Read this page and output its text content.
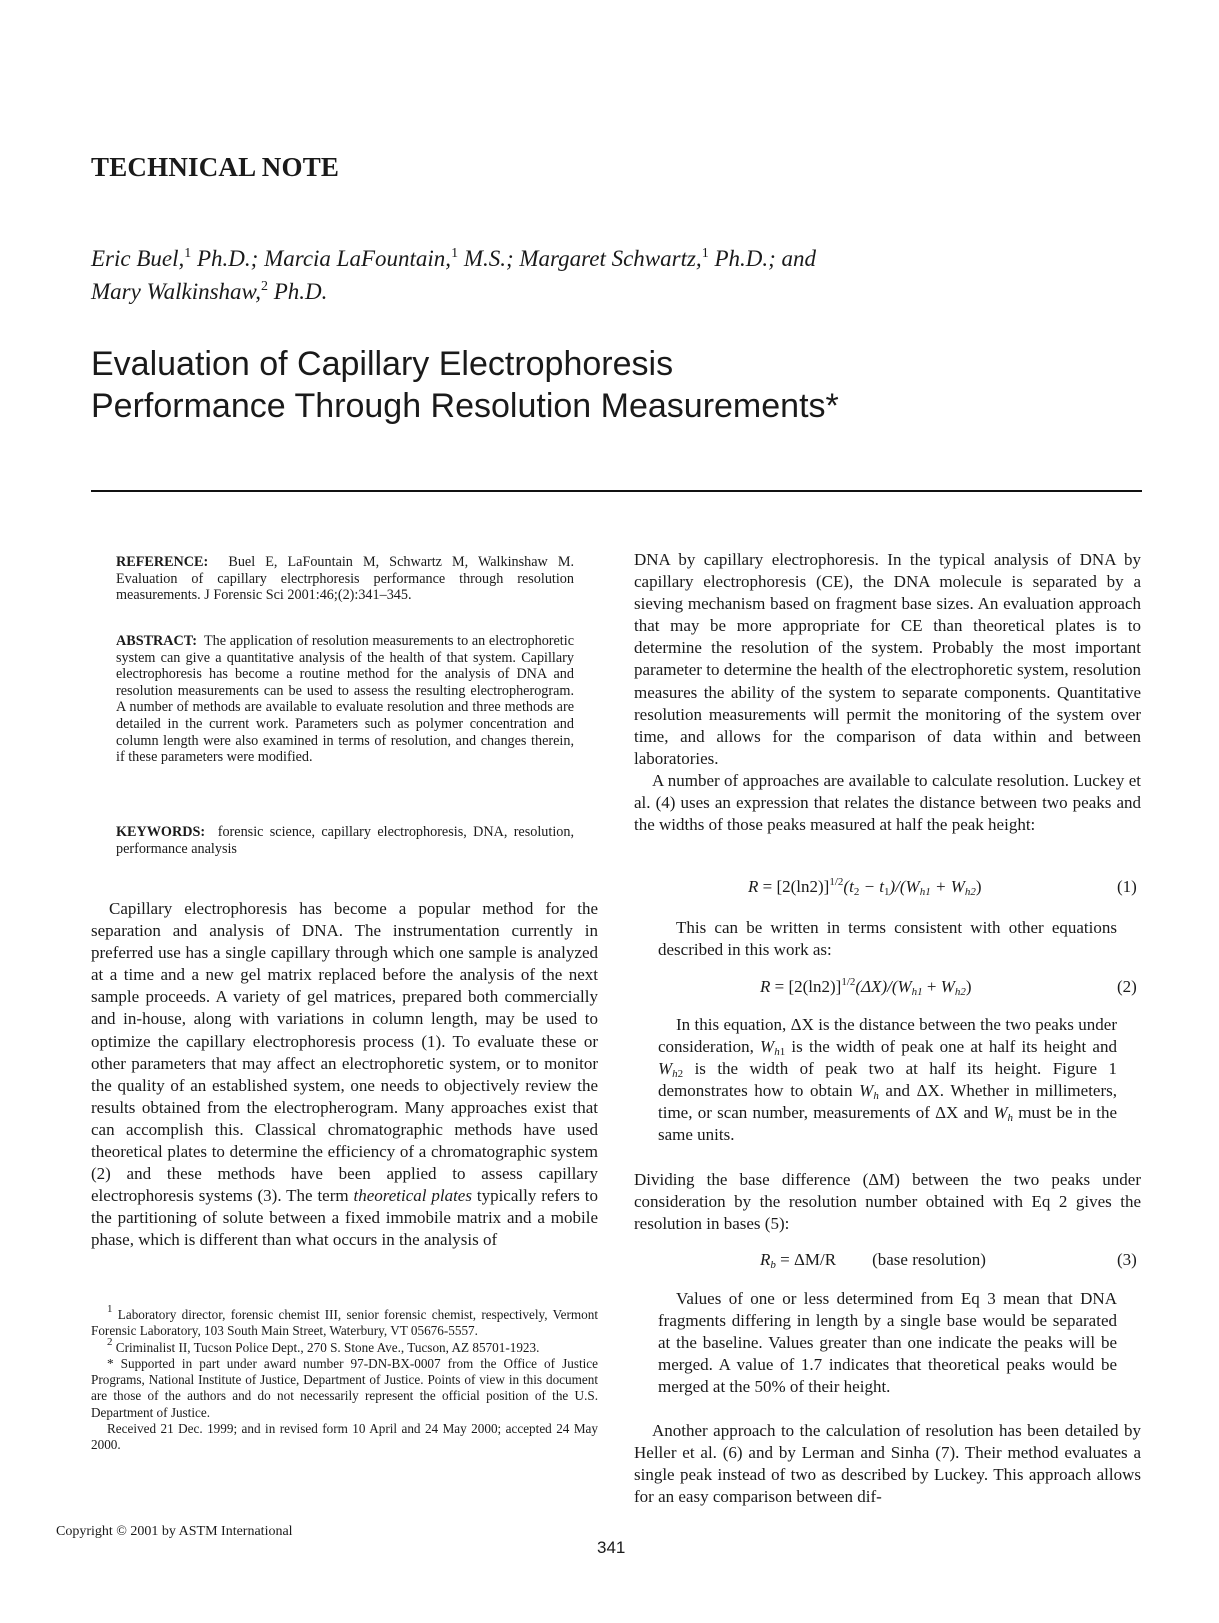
TECHNICAL NOTE
Eric Buel,$^1$ Ph.D.; Marcia LaFountain,$^1$ M.S.; Margaret Schwartz,$^1$ Ph.D.; and
Mary Walkinshaw,$^2$ Ph.D.
Evaluation of Capillary Electrophoresis
Performance Through Resolution Measurements*
REFERENCE: Buel E, LaFountain M, Schwartz M, Walkinshaw M. Evaluation of capillary electrphoresis performance through resolution measurements. J Forensic Sci 2001:46;(2):341–345.
ABSTRACT: The application of resolution measurements to an electrophoretic system can give a quantitative analysis of the health of that system. Capillary electrophoresis has become a routine method for the analysis of DNA and resolution measurements can be used to assess the resulting electropherogram. A number of methods are available to evaluate resolution and three methods are detailed in the current work. Parameters such as polymer concentration and column length were also examined in terms of resolution, and changes therein, if these parameters were modified.
KEYWORDS: forensic science, capillary electrophoresis, DNA, resolution, performance analysis

Capillary electrophoresis has become a popular method for the separation and analysis of DNA. The instrumentation currently in preferred use has a single capillary through which one sample is analyzed at a time and a new gel matrix replaced before the analysis of the next sample proceeds. A variety of gel matrices, prepared both commercially and in-house, along with variations in column length, may be used to optimize the capillary electrophoresis process (1). To evaluate these or other parameters that may affect an electrophoretic system, or to monitor the quality of an established system, one needs to objectively review the results obtained from the electropherogram. Many approaches exist that can accomplish this. Classical chromatographic methods have used theoretical plates to determine the efficiency of a chromatographic system (2) and these methods have been applied to assess capillary electrophoresis systems (3). The term theoretical plates typically refers to the partitioning of solute between a fixed immobile matrix and a mobile phase, which is different than what occurs in the analysis of

$^1$ Laboratory director, forensic chemist III, senior forensic chemist, respectively, Vermont Forensic Laboratory, 103 South Main Street, Waterbury, VT 05676-5557.

$^2$ Criminalist II, Tucson Police Dept., 270 S. Stone Ave., Tucson, AZ 85701-1923.

* Supported in part under award number 97-DN-BX-0007 from the Office of Justice Programs, National Institute of Justice, Department of Justice. Points of view in this document are those of the authors and do not necessarily represent the official position of the U.S. Department of Justice.

Received 21 Dec. 1999; and in revised form 10 April and 24 May 2000; accepted 24 May 2000.

DNA by capillary electrophoresis. In the typical analysis of DNA by capillary electrophoresis (CE), the DNA molecule is separated by a sieving mechanism based on fragment base sizes. An evaluation approach that may be more appropriate for CE than theoretical plates is to determine the resolution of the system. Probably the most important parameter to determine the health of the electrophoretic system, resolution measures the ability of the system to separate components. Quantitative resolution measurements will permit the monitoring of the system over time, and allows for the comparison of data within and between laboratories.

A number of approaches are available to calculate resolution. Luckey et al. (4) uses an expression that relates the distance between two peaks and the widths of those peaks measured at half the peak height:

$R = [2(\ln 2)]^{1/2}(t_2 - t_1)/(W_{h1} + W_{h2})$	(1)

This can be written in terms consistent with other equations described in this work as:

$R = [2(\ln 2)]^{1/2}(\Delta X)/(W_{h1} + W_{h2})$	(2)

In this equation, ΔX is the distance between the two peaks under consideration, $W_{h1}$ is the width of peak one at half its height and $W_{h2}$ is the width of peak two at half its height. Figure 1 demonstrates how to obtain $W_h$ and ΔX. Whether in millimeters, time, or scan number, measurements of ΔX and $W_h$ must be in the same units.

Dividing the base difference (ΔM) between the two peaks under consideration by the resolution number obtained with Eq 2 gives the resolution in bases (5):

$R_b = \Delta M/R$ (base resolution)	(3)

Values of one or less determined from Eq 3 mean that DNA fragments differing in length by a single base would be separated at the baseline. Values greater than one indicate the peaks will be merged. A value of 1.7 indicates that theoretical peaks would be merged at the 50% of their height.

Another approach to the calculation of resolution has been detailed by Heller et al. (6) and by Lerman and Sinha (7). Their method evaluates a single peak instead of two as described by Luckey. This approach allows for an easy comparison between dif-

Copyright © 2001 by ASTM International
341
